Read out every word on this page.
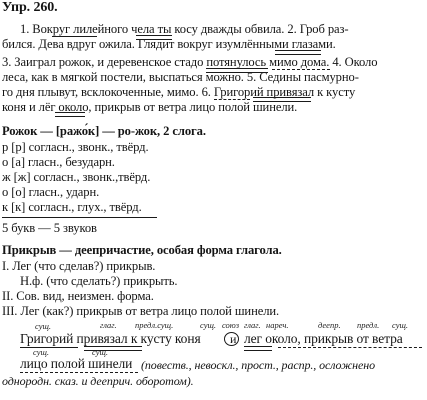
Упр. 260.
1. Вокруг лилейного чела ты косу дважды обвила. 2. Гроб раз-
бился. Дева вдруг ожила. Глядит вокруг изумлёнными глазами.
3. Заиграл рожок, и деревенское стадо потянулось мимо дома. 4. Около
леса, как в мягкой постели, выспаться можно. 5. Седины пасмурно-
го дня плывут, всклокоченные, мимо. 6. Григорий привязал к кусту
коня и лёг около, прикрыв от ветра лицо полой шинели.
Рожок — [ражо́к] — ро-жок, 2 слога.
р [р] согласн., звонк., твёрд.
о [а] гласн., безударн.
ж [ж] согласн., звонк.,твёрд.
о [о] гласн., ударн.
к [к] согласн., глух., твёрд.
5 букв — 5 звуков
Прикрыв — деепричастие, особая форма глагола.
I. Лег (что сделав?) прикрыв.
Н.ф. (что сделать?) прикрыть.
II. Сов. вид, неизмен. форма.
III. Лег (как?) прикрыв от ветра лицо полой шинели.
сущ.	глаг. предл.сущ.	сущ. союз глаг. нареч.	деепр. предл. сущ.
Григорий привязал к кусту коня и лег около, прикрыв от ветра
сущ.	сущ.
лицо полой шинели (повеств., невоскл., прост., распр., осложнено
однородн. сказ. и дееприч. оборотом).
